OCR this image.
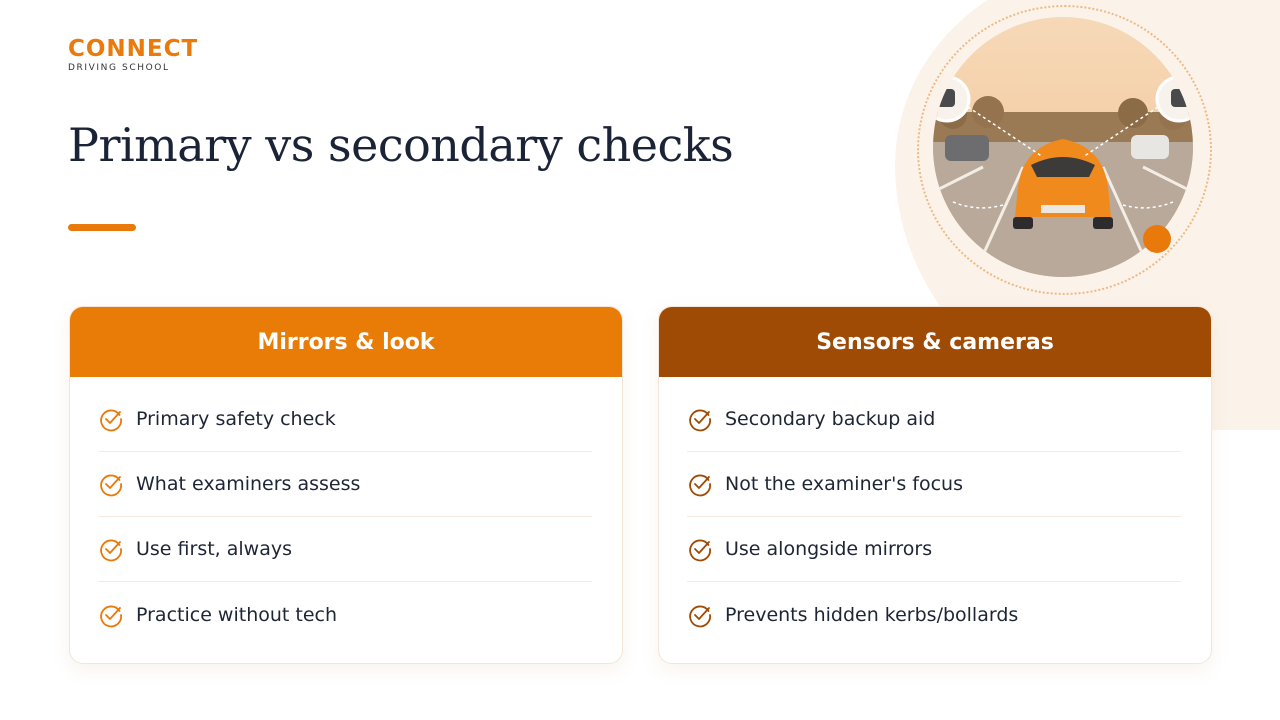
CONNECT
DRIVING SCHOOL
Primary vs secondary checks
Mirrors & look
Primary safety check
What examiners assess
Use first, always
Practice without tech
Sensors & cameras
Secondary backup aid
Not the examiner's focus
Use alongside mirrors
Prevents hidden kerbs/bollards
